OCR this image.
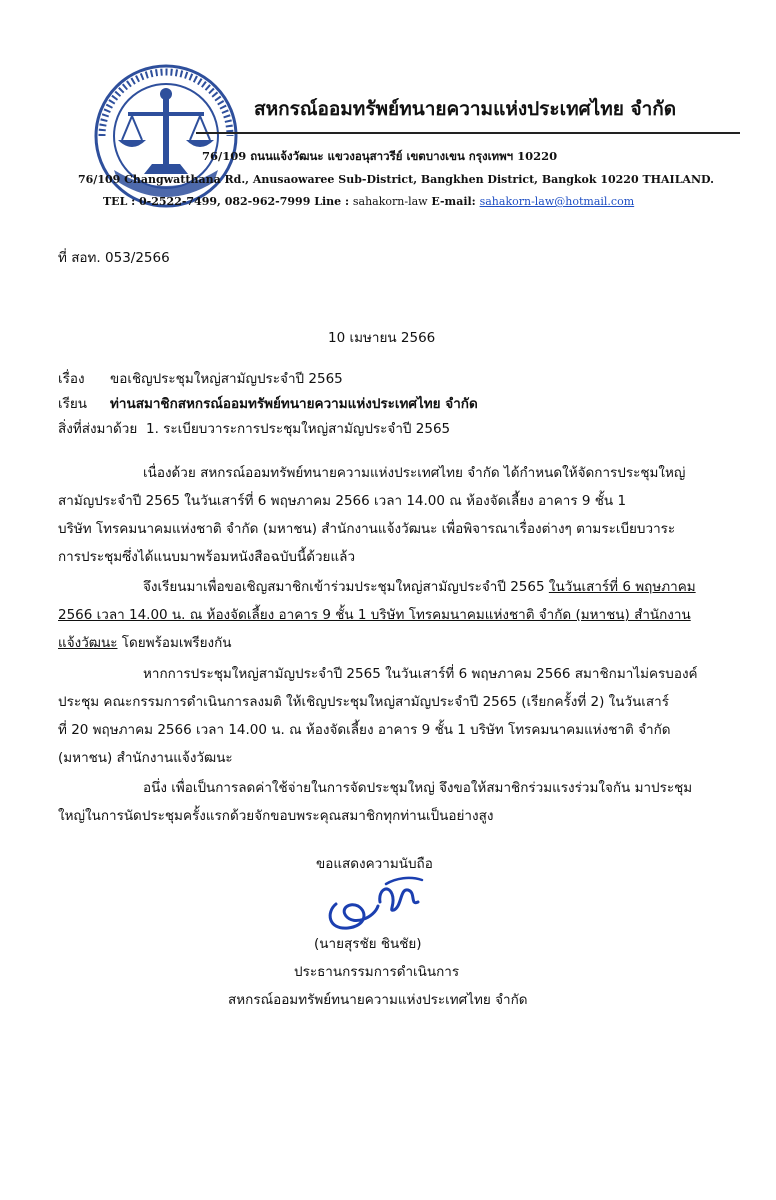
สหกรณ์ออมทรัพย์ทนายความแห่งประเทศไทย จำกัด
76/109 ถนนแจ้งวัฒนะ แขวงอนุสาวรีย์ เขตบางเขน กรุงเทพฯ 10220
76/109 Changwatthana Rd., Anusaowaree Sub-District, Bangkhen District, Bangkok 10220 THAILAND.
TEL : 0-2522-7499, 082-962-7999 Line : sahakorn-law E-mail: sahakorn-law@hotmail.com
ที่ สอท. 053/2566
10 เมษายน 2566
เรื่อง ขอเชิญประชุมใหญ่สามัญประจำปี 2565
เรียน ท่านสมาชิกสหกรณ์ออมทรัพย์ทนายความแห่งประเทศไทย จำกัด
สิ่งที่ส่งมาด้วย 1. ระเบียบวาระการประชุมใหญ่สามัญประจำปี 2565
เนื่องด้วย สหกรณ์ออมทรัพย์ทนายความแห่งประเทศไทย จำกัด ได้กำหนดให้จัดการประชุมใหญ่
สามัญประจำปี 2565 ในวันเสาร์ที่ 6 พฤษภาคม 2566 เวลา 14.00 ณ ห้องจัดเลี้ยง อาคาร 9 ชั้น 1
บริษัท โทรคมนาคมแห่งชาติ จำกัด (มหาชน) สำนักงานแจ้งวัฒนะ เพื่อพิจารณาเรื่องต่างๆ ตามระเบียบวาระ
การประชุมซึ่งได้แนบมาพร้อมหนังสือฉบับนี้ด้วยแล้ว
จึงเรียนมาเพื่อขอเชิญสมาชิกเข้าร่วมประชุมใหญ่สามัญประจำปี 2565 ในวันเสาร์ที่ 6 พฤษภาคม
2566 เวลา 14.00 น. ณ ห้องจัดเลี้ยง อาคาร 9 ชั้น 1 บริษัท โทรคมนาคมแห่งชาติ จำกัด (มหาชน) สำนักงาน
แจ้งวัฒนะ โดยพร้อมเพรียงกัน
หากการประชุมใหญ่สามัญประจำปี 2565 ในวันเสาร์ที่ 6 พฤษภาคม 2566 สมาชิกมาไม่ครบองค์
ประชุม คณะกรรมการดำเนินการลงมติ ให้เชิญประชุมใหญ่สามัญประจำปี 2565 (เรียกครั้งที่ 2) ในวันเสาร์
ที่ 20 พฤษภาคม 2566 เวลา 14.00 น. ณ ห้องจัดเลี้ยง อาคาร 9 ชั้น 1 บริษัท โทรคมนาคมแห่งชาติ จำกัด
(มหาชน) สำนักงานแจ้งวัฒนะ
อนึ่ง เพื่อเป็นการลดค่าใช้จ่ายในการจัดประชุมใหญ่ จึงขอให้สมาชิกร่วมแรงร่วมใจกัน มาประชุม
ใหญ่ในการนัดประชุมครั้งแรกด้วยจักขอบพระคุณสมาชิกทุกท่านเป็นอย่างสูง
ขอแสดงความนับถือ
(นายสุรชัย ชินชัย)
ประธานกรรมการดำเนินการ
สหกรณ์ออมทรัพย์ทนายความแห่งประเทศไทย จำกัด
